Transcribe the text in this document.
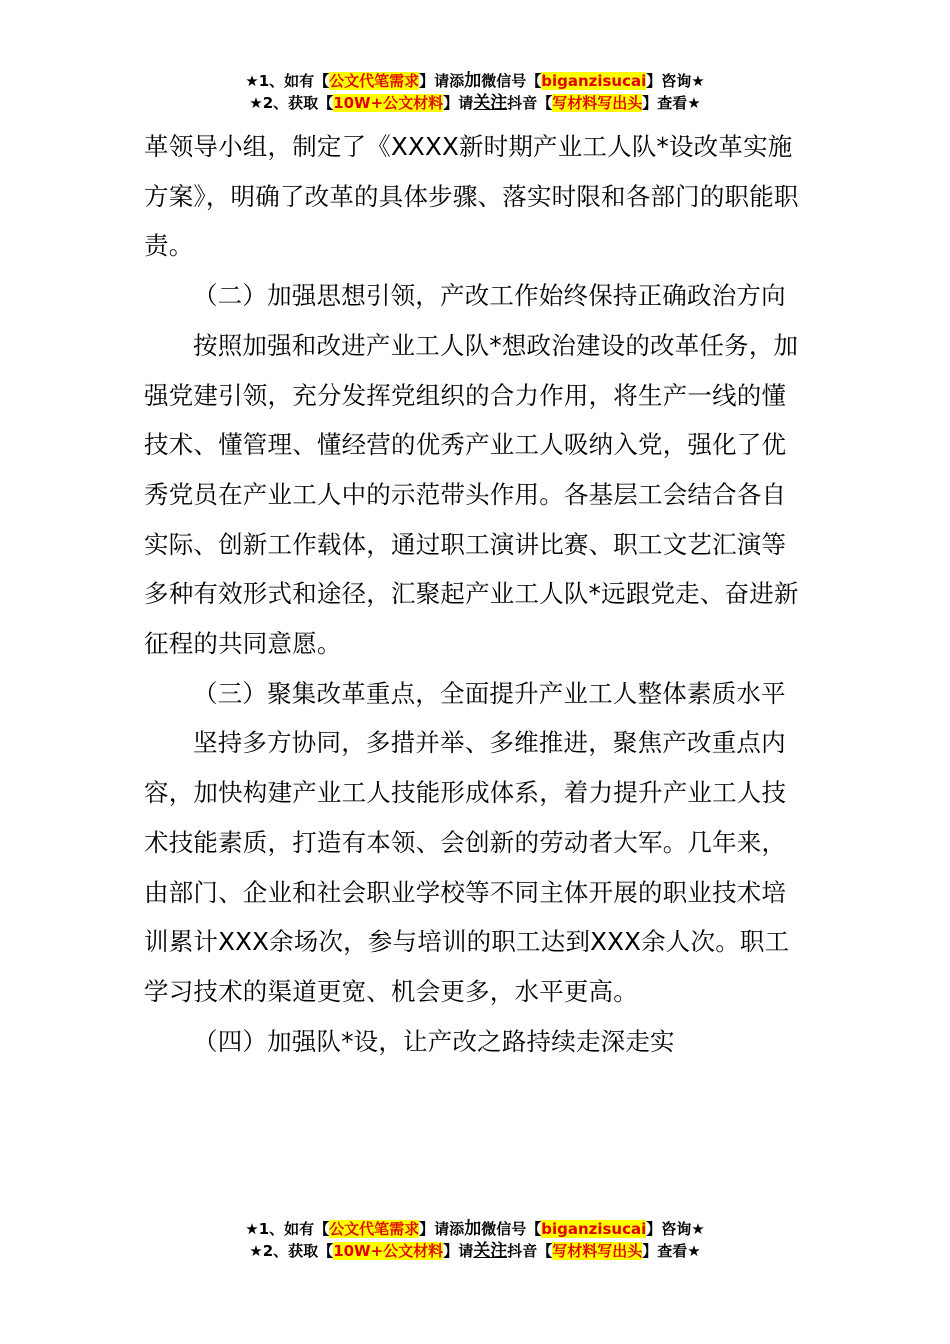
★1、如有【公文代笔需求】请添加微信号【biganzisucai】咨询★
★2、获取【10W+公文材料】请关注抖音【写材料写出头】查看★

革领导小组，制定了《XXXX新时期产业工人队*设改革实施方案》，明确了改革的具体步骤、落实时限和各部门的职能职责。

（二）加强思想引领，产改工作始终保持正确政治方向

按照加强和改进产业工人队*想政治建设的改革任务，加强党建引领，充分发挥党组织的合力作用，将生产一线的懂技术、懂管理、懂经营的优秀产业工人吸纳入党，强化了优秀党员在产业工人中的示范带头作用。各基层工会结合各自实际、创新工作载体，通过职工演讲比赛、职工文艺汇演等多种有效形式和途径，汇聚起产业工人队*远跟党走、奋进新征程的共同意愿。

（三）聚集改革重点，全面提升产业工人整体素质水平

坚持多方协同，多措并举、多维推进，聚焦产改重点内容，加快构建产业工人技能形成体系，着力提升产业工人技术技能素质，打造有本领、会创新的劳动者大军。几年来，由部门、企业和社会职业学校等不同主体开展的职业技术培训累计XXX余场次，参与培训的职工达到XXX余人次。职工学习技术的渠道更宽、机会更多，水平更高。

（四）加强队*设，让产改之路持续走深走实

★1、如有【公文代笔需求】请添加微信号【biganzisucai】咨询★
★2、获取【10W+公文材料】请关注抖音【写材料写出头】查看★
